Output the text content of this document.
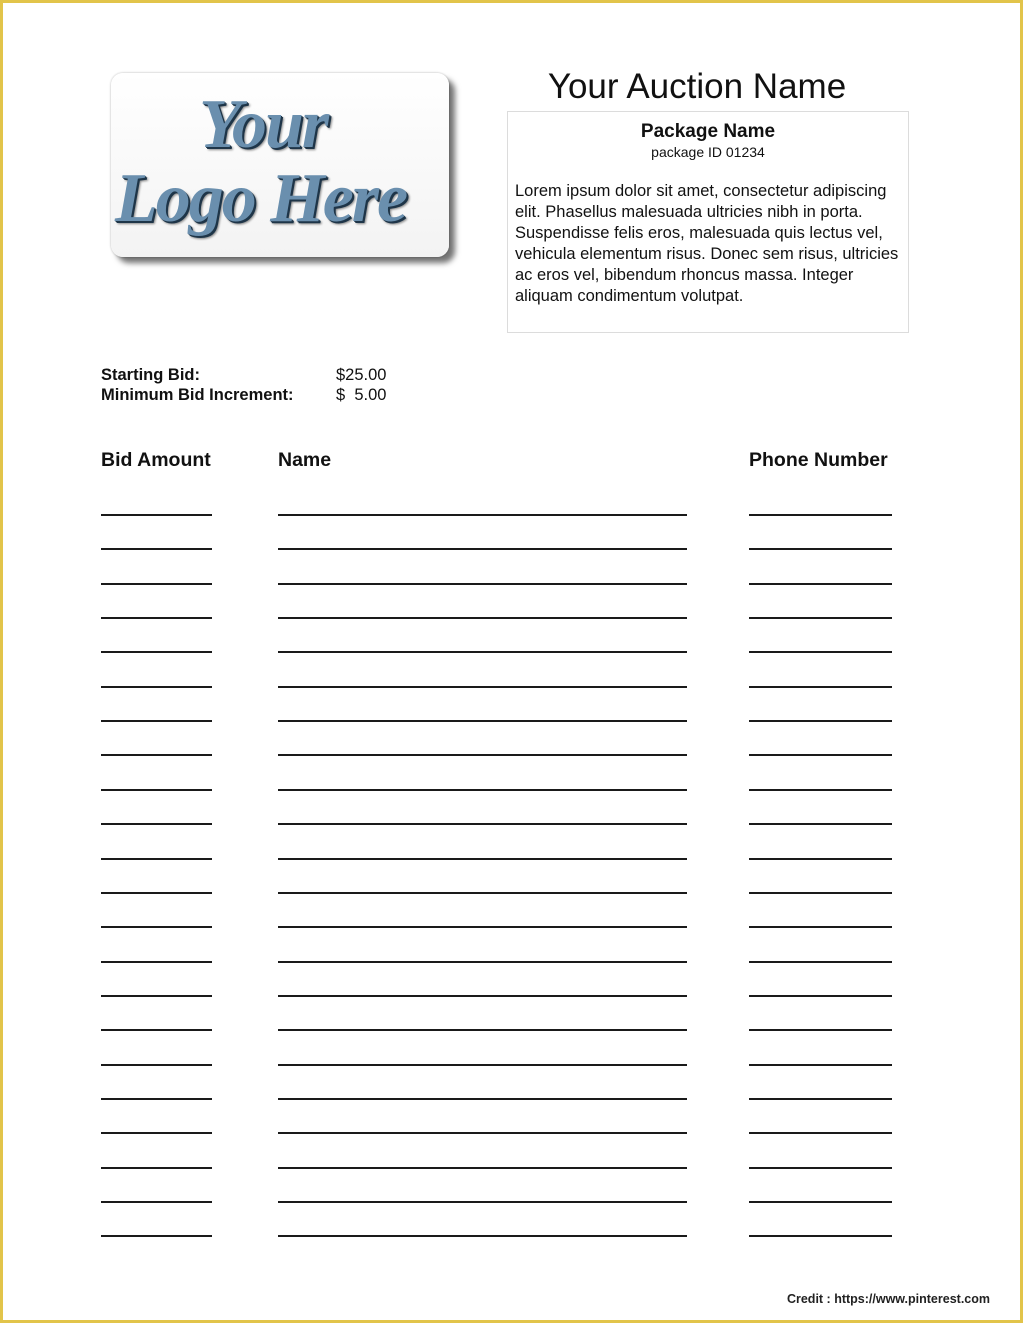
Your
Logo Here
Your Auction Name
Package Name
package ID 01234
Lorem ipsum dolor sit amet, consectetur adipiscing elit. Phasellus malesuada ultricies nibh in porta. Suspendisse felis eros, malesuada quis lectus vel, vehicula elementum risus. Donec sem risus, ultricies ac eros vel, bibendum rhoncus massa. Integer aliquam condimentum volutpat.
Starting Bid:	$25.00
Minimum Bid Increment:	$  5.00
Bid Amount	Name	Phone Number
Credit : https://www.pinterest.com
